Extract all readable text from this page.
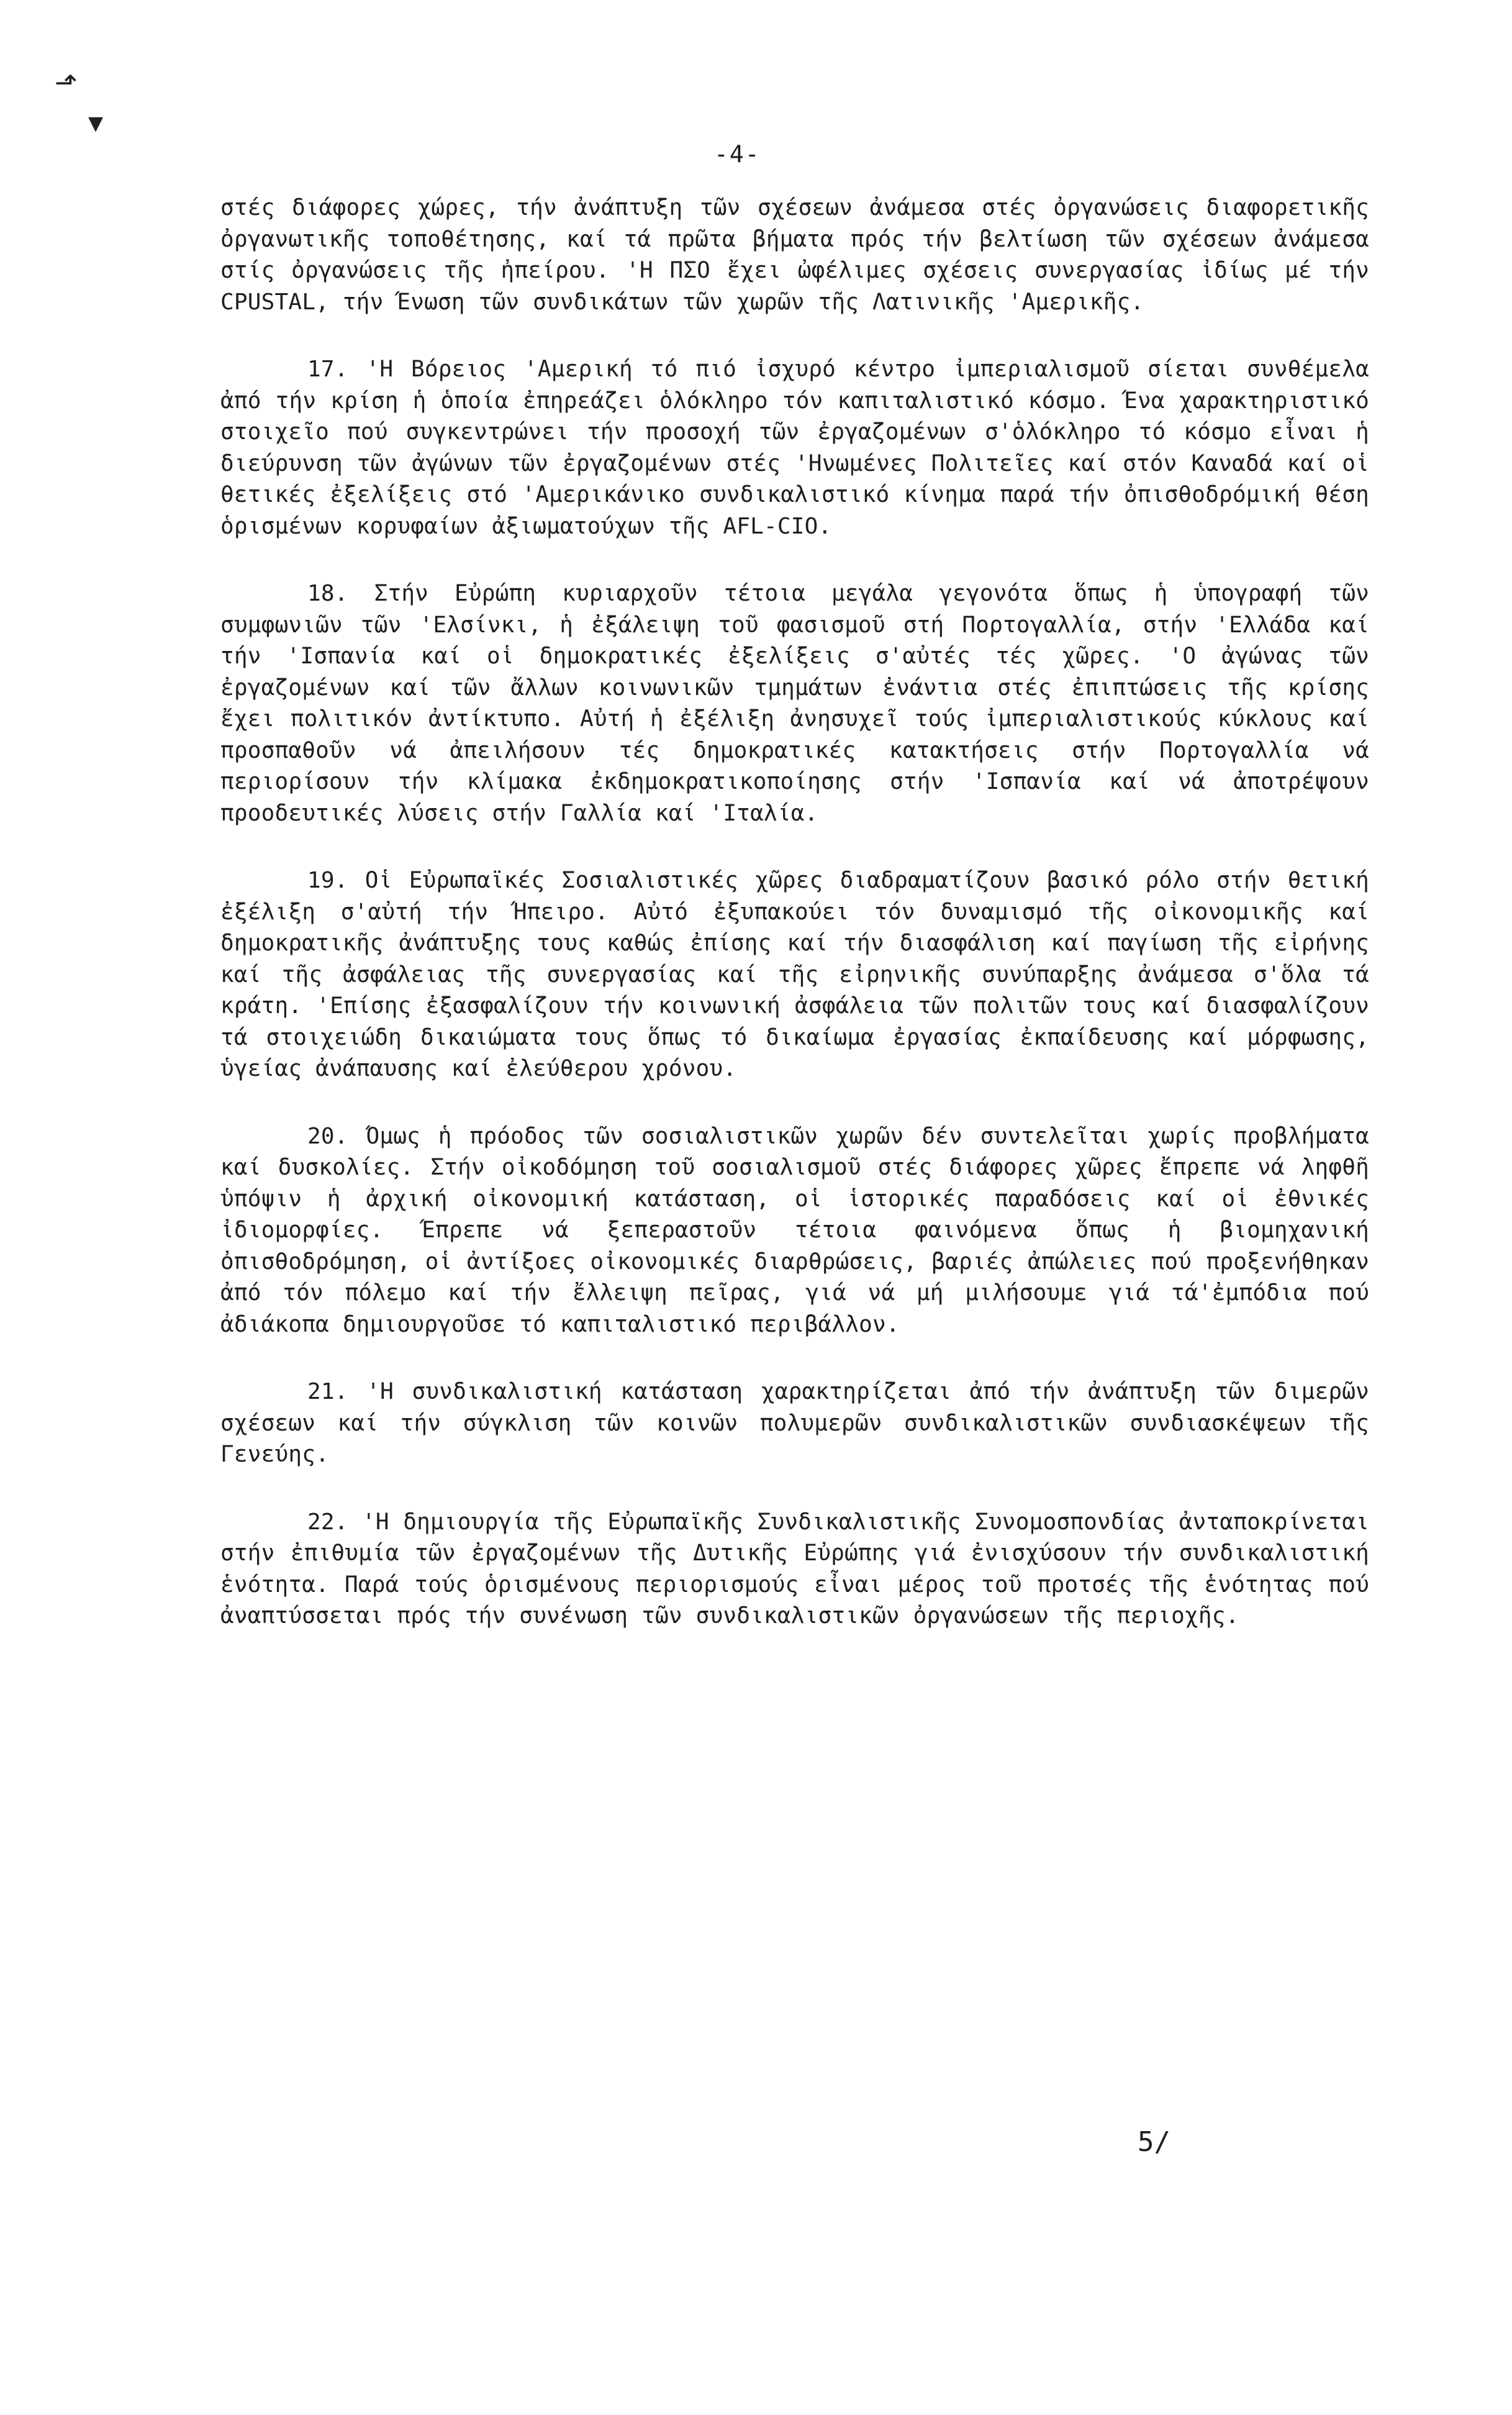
⬏
▼
-4-

στές διάφορες χώρες, τήν ἀνάπτυξη τῶν σχέσεων ἀνάμεσα στές ὀργανώσεις διαφορετικῆς ὀργανωτικῆς τοποθέτησης, καί τά πρῶτα βήματα πρός τήν βελτίωση τῶν σχέσεων ἀνάμεσα στίς ὀργανώσεις τῆς ἠπείρου. 'Η ΠΣΟ ἔχει ὠφέλιμες σχέσεις συνεργασίας ἰδίως μέ τήν CPUSTAL, τήν Ένωση τῶν συνδικάτων τῶν χωρῶν τῆς Λατινικῆς 'Αμερικῆς.

17. 'Η Βόρειος 'Αμερική τό πιό ἰσχυρό κέντρο ἰμπεριαλισμοῦ σίεται συνθέμελα ἀπό τήν κρίση ἡ ὁποία ἐπηρεάζει ὁλόκληρο τόν καπιταλιστικό κόσμο. Ένα χαρακτηριστικό στοιχεῖο πού συγκεντρώνει τήν προσοχή τῶν ἐργαζομένων σ'ὁλόκληρο τό κόσμο εἶναι ἡ διεύρυνση τῶν ἀγώνων τῶν ἐργαζομένων στές 'Ηνωμένες Πολιτεῖες καί στόν Καναδά καί οἱ θετικές ἐξελίξεις στό 'Αμερικάνικο συνδικαλιστικό κίνημα παρά τήν ὀπισθοδρόμική θέση ὁρισμένων κορυφαίων ἀξιωματούχων τῆς AFL-CIO.

18. Στήν Εὐρώπη κυριαρχοῦν τέτοια μεγάλα γεγονότα ὅπως ἡ ὑπογραφή τῶν συμφωνιῶν τῶν 'Ελσίνκι, ἡ ἐξάλειψη τοῦ φασισμοῦ στή Πορτογαλλία, στήν 'Ελλάδα καί τήν 'Ισπανία καί οἱ δημοκρατικές ἐξελίξεις σ'αὐτές τές χῶρες. 'Ο ἀγώνας τῶν ἐργαζομένων καί τῶν ἄλλων κοινωνικῶν τμημάτων ἐνάντια στές ἐπιπτώσεις τῆς κρίσης ἔχει πολιτικόν ἀντίκτυπο. Αὐτή ἡ ἐξέλιξη ἀνησυχεῖ τούς ἰμπεριαλιστικούς κύκλους καί προσπαθοῦν νά ἀπειλήσουν τές δημοκρατικές κατακτήσεις στήν Πορτογαλλία νά περιορίσουν τήν κλίμακα ἐκδημοκρατικοποίησης στήν 'Ισπανία καί νά ἀποτρέψουν προοδευτικές λύσεις στήν Γαλλία καί 'Ιταλία.

19. Οἱ Εὐρωπαϊκές Σοσιαλιστικές χῶρες διαδραματίζουν βασικό ρόλο στήν θετική ἐξέλιξη σ'αὐτή τήν Ήπειρο. Αὐτό ἐξυπακούει τόν δυναμισμό τῆς οἰκονομικῆς καί δημοκρατικῆς ἀνάπτυξης τους καθώς ἐπίσης καί τήν διασφάλιση καί παγίωση τῆς εἰρήνης καί τῆς ἀσφάλειας τῆς συνεργασίας καί τῆς εἰρηνικῆς συνύπαρξης ἀνάμεσα σ'ὅλα τά κράτη. 'Επίσης ἐξασφαλίζουν τήν κοινωνική ἀσφάλεια τῶν πολιτῶν τους καί διασφαλίζουν τά στοιχειώδη δικαιώματα τους ὅπως τό δικαίωμα ἐργασίας ἐκπαίδευσης καί μόρφωσης, ὑγείας ἀνάπαυσης καί ἐλεύθερου χρόνου.

20. Όμως ἡ πρόοδος τῶν σοσιαλιστικῶν χωρῶν δέν συντελεῖται χωρίς προβλήματα καί δυσκολίες. Στήν οἰκοδόμηση τοῦ σοσιαλισμοῦ στές διάφορες χῶρες ἔπρεπε νά ληφθῆ ὑπόψιν ἡ ἀρχική οἰκονομική κατάσταση, οἱ ἱστορικές παραδόσεις καί οἱ ἐθνικές ἰδιομορφίες. Έπρεπε νά ξεπεραστοῦν τέτοια φαινόμενα ὅπως ἡ βιομηχανική ὀπισθοδρόμηση, οἱ ἀντίξοες οἰκονομικές διαρθρώσεις, βαριές ἀπώλειες πού προξενήθηκαν ἀπό τόν πόλεμο καί τήν ἔλλειψη πεῖρας, γιά νά μή μιλήσουμε γιά τά'ἐμπόδια πού ἀδιάκοπα δημιουργοῦσε τό καπιταλιστικό περιβάλλον.

21. 'Η συνδικαλιστική κατάσταση χαρακτηρίζεται ἀπό τήν ἀνάπτυξη τῶν διμερῶν σχέσεων καί τήν σύγκλιση τῶν κοινῶν πολυμερῶν συνδικαλιστικῶν συνδιασκέψεων τῆς Γενεύης.

22. 'Η δημιουργία τῆς Εὐρωπαϊκῆς Συνδικαλιστικῆς Συνομοσπονδίας ἀνταποκρίνεται στήν ἐπιθυμία τῶν ἐργαζομένων τῆς Δυτικῆς Εὐρώπης γιά ἐνισχύσουν τήν συνδικαλιστική ἑνότητα. Παρά τούς ὁρισμένους περιορισμούς εἶναι μέρος τοῦ προτσές τῆς ἑνότητας πού ἀναπτύσσεται πρός τήν συνένωση τῶν συνδικαλιστικῶν ὀργανώσεων τῆς περιοχῆς.

5/
